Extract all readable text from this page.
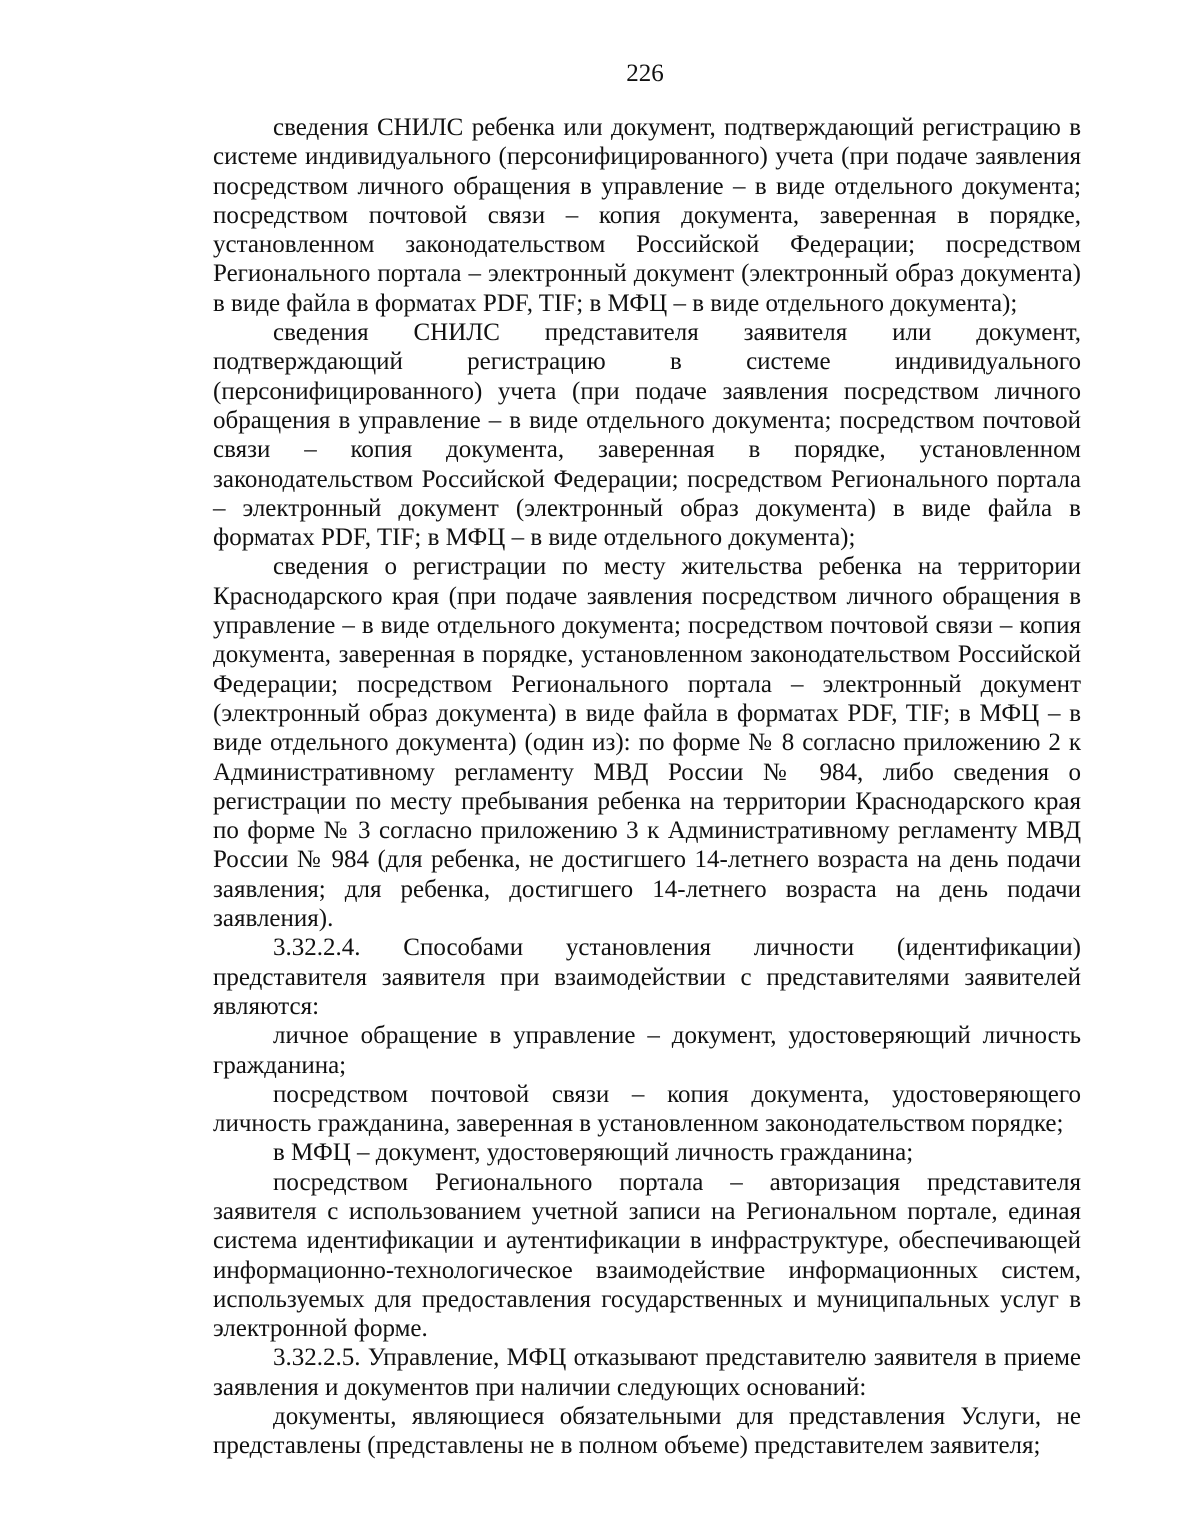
226

сведения СНИЛС ребенка или документ, подтверждающий регистрацию в системе индивидуального (персонифицированного) учета (при подаче заявления посредством личного обращения в управление – в виде отдельного документа; посредством почтовой связи – копия документа, заверенная в порядке, установленном законодательством Российской Федерации; посредством Регионального портала – электронный документ (электронный образ документа) в виде файла в форматах PDF, TIF; в МФЦ – в виде отдельного документа);

сведения СНИЛС представителя заявителя или документ, подтверждающий регистрацию в системе индивидуального (персонифицированного) учета (при подаче заявления посредством личного обращения в управление – в виде отдельного документа; посредством почтовой связи – копия документа, заверенная в порядке, установленном законодательством Российской Федерации; посредством Регионального портала – электронный документ (электронный образ документа) в виде файла в форматах PDF, TIF; в МФЦ – в виде отдельного документа);

сведения о регистрации по месту жительства ребенка на территории Краснодарского края (при подаче заявления посредством личного обращения в управление – в виде отдельного документа; посредством почтовой связи – копия документа, заверенная в порядке, установленном законодательством Российской Федерации; посредством Регионального портала – электронный документ (электронный образ документа) в виде файла в форматах PDF, TIF; в МФЦ – в виде отдельного документа) (один из): по форме № 8 согласно приложению 2 к Административному регламенту МВД России № 984, либо сведения о регистрации по месту пребывания ребенка на территории Краснодарского края по форме № 3 согласно приложению 3 к Административному регламенту МВД России № 984 (для ребенка, не достигшего 14-летнего возраста на день подачи заявления; для ребенка, достигшего 14-летнего возраста на день подачи заявления).

3.32.2.4. Способами установления личности (идентификации) представителя заявителя при взаимодействии с представителями заявителей являются:

личное обращение в управление – документ, удостоверяющий личность гражданина;

посредством почтовой связи – копия документа, удостоверяющего личность гражданина, заверенная в установленном законодательством порядке;

в МФЦ – документ, удостоверяющий личность гражданина;

посредством Регионального портала – авторизация представителя заявителя с использованием учетной записи на Региональном портале, единая система идентификации и аутентификации в инфраструктуре, обеспечивающей информационно-технологическое взаимодействие информационных систем, используемых для предоставления государственных и муниципальных услуг в электронной форме.

3.32.2.5. Управление, МФЦ отказывают представителю заявителя в приеме заявления и документов при наличии следующих оснований:

документы, являющиеся обязательными для представления Услуги, не представлены (представлены не в полном объеме) представителем заявителя;
